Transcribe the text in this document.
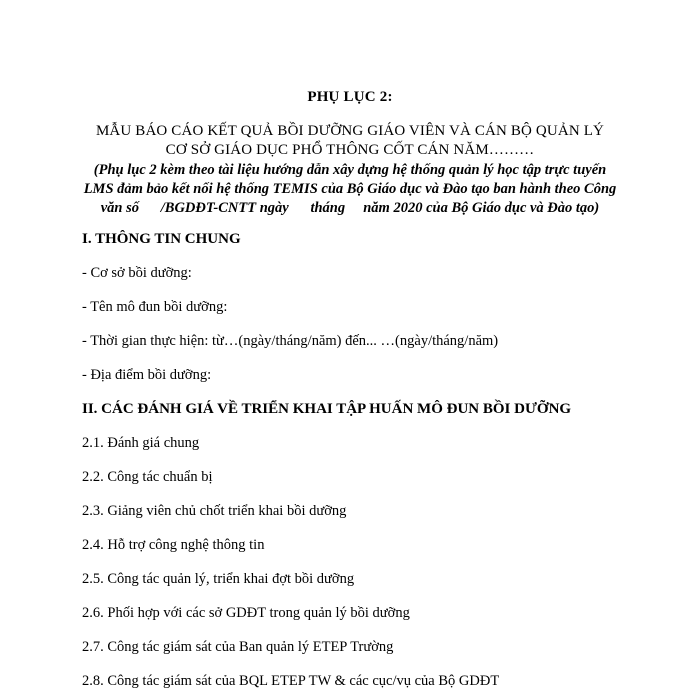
PHỤ LỤC 2:
MẪU BÁO CÁO KẾT QUẢ BỒI DƯỠNG GIÁO VIÊN VÀ CÁN BỘ QUẢN LÝ CƠ SỞ GIÁO DỤC PHỔ THÔNG CỐT CÁN NĂM………
(Phụ lục 2 kèm theo tài liệu hướng dẫn xây dựng hệ thống quản lý học tập trực tuyến
LMS đảm bảo kết nối hệ thống TEMIS của Bộ Giáo dục và Đào tạo ban hành theo Công
văn số      /BGDĐT-CNTT ngày      tháng     năm 2020 của Bộ Giáo dục và Đào tạo)
I. THÔNG TIN CHUNG
- Cơ sở bồi dưỡng:
- Tên mô đun bồi dưỡng:
- Thời gian thực hiện: từ…(ngày/tháng/năm) đến... …(ngày/tháng/năm)
- Địa điểm bồi dưỡng:
II. CÁC ĐÁNH GIÁ VỀ TRIỂN KHAI TẬP HUẤN MÔ ĐUN BỒI DƯỠNG
2.1. Đánh giá chung
2.2. Công tác chuẩn bị
2.3. Giảng viên chủ chốt triển khai bồi dưỡng
2.4. Hỗ trợ công nghệ thông tin
2.5. Công tác quản lý, triển khai đợt bồi dưỡng
2.6. Phối hợp với các sở GDĐT trong quản lý bồi dưỡng
2.7. Công tác giám sát của Ban quản lý ETEP Trường
2.8. Công tác giám sát của BQL ETEP TW & các cục/vụ của Bộ GDĐT
